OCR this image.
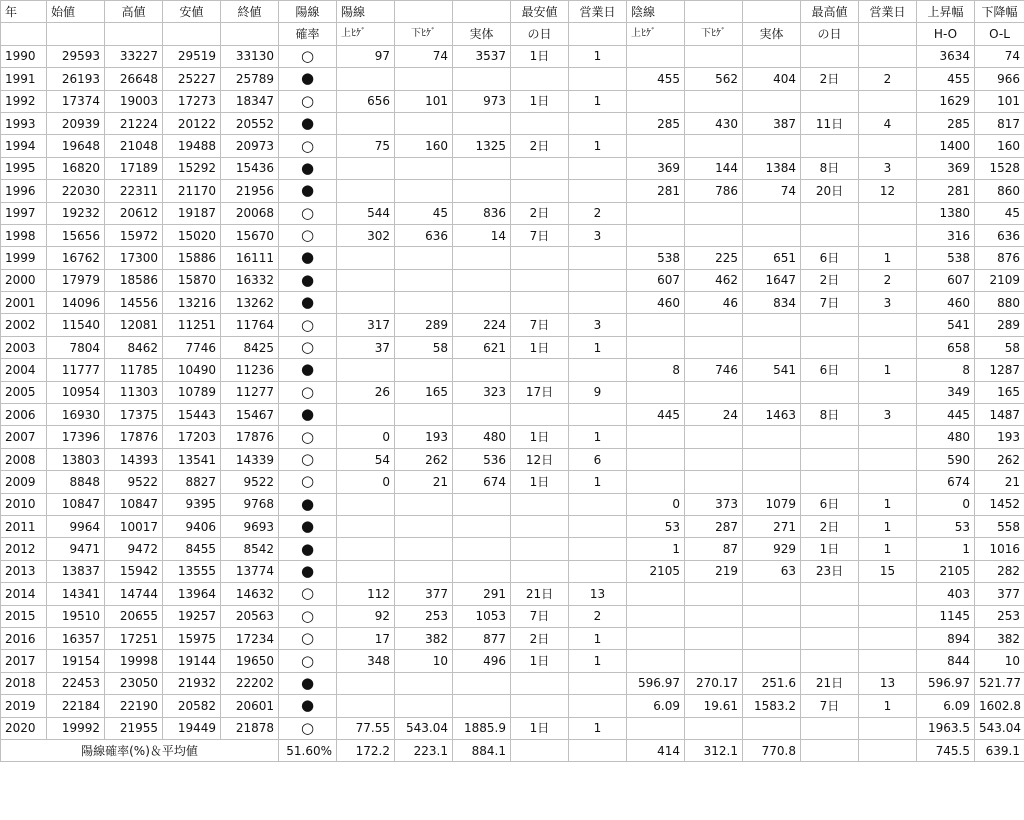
年	始値	高値	安値	終値	陽線	陽線			最安値	営業日	陰線			最高値	営業日	上昇幅	下降幅
					確率	上ﾋｹﾞ	下ﾋｹﾞ	実体	の日		上ﾋｹﾞ	下ﾋｹﾞ	実体	の日		H-O	O-L
1990	29593	33227	29519	33130	○	97	74	3537	1日	1						3634	74
1991	26193	26648	25227	25789	●						455	562	404	2日	2	455	966
1992	17374	19003	17273	18347	○	656	101	973	1日	1						1629	101
1993	20939	21224	20122	20552	●						285	430	387	11日	4	285	817
1994	19648	21048	19488	20973	○	75	160	1325	2日	1						1400	160
1995	16820	17189	15292	15436	●						369	144	1384	8日	3	369	1528
1996	22030	22311	21170	21956	●						281	786	74	20日	12	281	860
1997	19232	20612	19187	20068	○	544	45	836	2日	2						1380	45
1998	15656	15972	15020	15670	○	302	636	14	7日	3						316	636
1999	16762	17300	15886	16111	●						538	225	651	6日	1	538	876
2000	17979	18586	15870	16332	●						607	462	1647	2日	2	607	2109
2001	14096	14556	13216	13262	●						460	46	834	7日	3	460	880
2002	11540	12081	11251	11764	○	317	289	224	7日	3						541	289
2003	7804	8462	7746	8425	○	37	58	621	1日	1						658	58
2004	11777	11785	10490	11236	●						8	746	541	6日	1	8	1287
2005	10954	11303	10789	11277	○	26	165	323	17日	9						349	165
2006	16930	17375	15443	15467	●						445	24	1463	8日	3	445	1487
2007	17396	17876	17203	17876	○	0	193	480	1日	1						480	193
2008	13803	14393	13541	14339	○	54	262	536	12日	6						590	262
2009	8848	9522	8827	9522	○	0	21	674	1日	1						674	21
2010	10847	10847	9395	9768	●						0	373	1079	6日	1	0	1452
2011	9964	10017	9406	9693	●						53	287	271	2日	1	53	558
2012	9471	9472	8455	8542	●						1	87	929	1日	1	1	1016
2013	13837	15942	13555	13774	●						2105	219	63	23日	15	2105	282
2014	14341	14744	13964	14632	○	112	377	291	21日	13						403	377
2015	19510	20655	19257	20563	○	92	253	1053	7日	2						1145	253
2016	16357	17251	15975	17234	○	17	382	877	2日	1						894	382
2017	19154	19998	19144	19650	○	348	10	496	1日	1						844	10
2018	22453	23050	21932	22202	●						596.97	270.17	251.6	21日	13	596.97	521.77
2019	22184	22190	20582	20601	●						6.09	19.61	1583.2	7日	1	6.09	1602.8
2020	19992	21955	19449	21878	○	77.55	543.04	1885.9	1日	1						1963.5	543.04
陽線確率(%)＆平均値					51.60%	172.2	223.1	884.1			414	312.1	770.8			745.5	639.1
